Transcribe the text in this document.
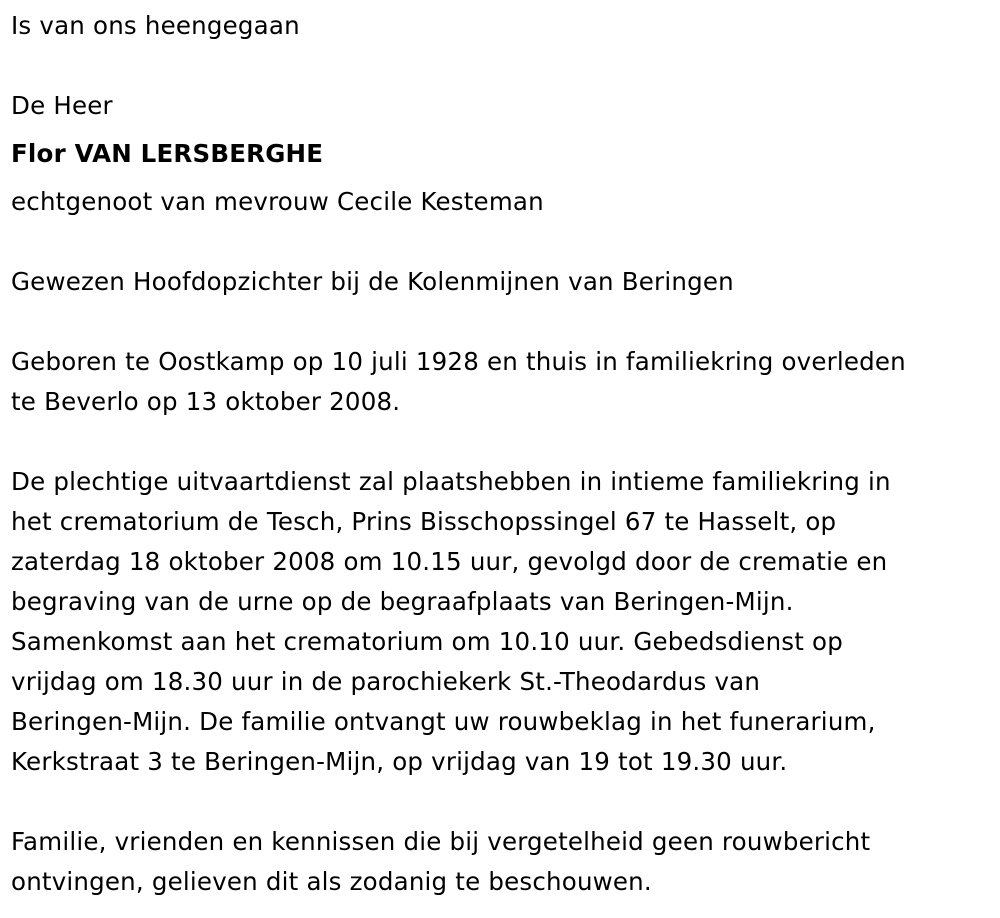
Is van ons heengegaan

De Heer

Flor VAN LERSBERGHE

echtgenoot van mevrouw Cecile Kesteman

Gewezen Hoofdopzichter bij de Kolenmijnen van Beringen

Geboren te Oostkamp op 10 juli 1928 en thuis in familiekring overleden

te Beverlo op 13 oktober 2008.

De plechtige uitvaartdienst zal plaatshebben in intieme familiekring in

het crematorium de Tesch, Prins Bisschopssingel 67 te Hasselt, op

zaterdag 18 oktober 2008 om 10.15 uur, gevolgd door de crematie en

begraving van de urne op de begraafplaats van Beringen-Mijn.

Samenkomst aan het crematorium om 10.10 uur. Gebedsdienst op

vrijdag om 18.30 uur in de parochiekerk St.-Theodardus van

Beringen-Mijn. De familie ontvangt uw rouwbeklag in het funerarium,

Kerkstraat 3 te Beringen-Mijn, op vrijdag van 19 tot 19.30 uur.

Familie, vrienden en kennissen die bij vergetelheid geen rouwbericht

ontvingen, gelieven dit als zodanig te beschouwen.
